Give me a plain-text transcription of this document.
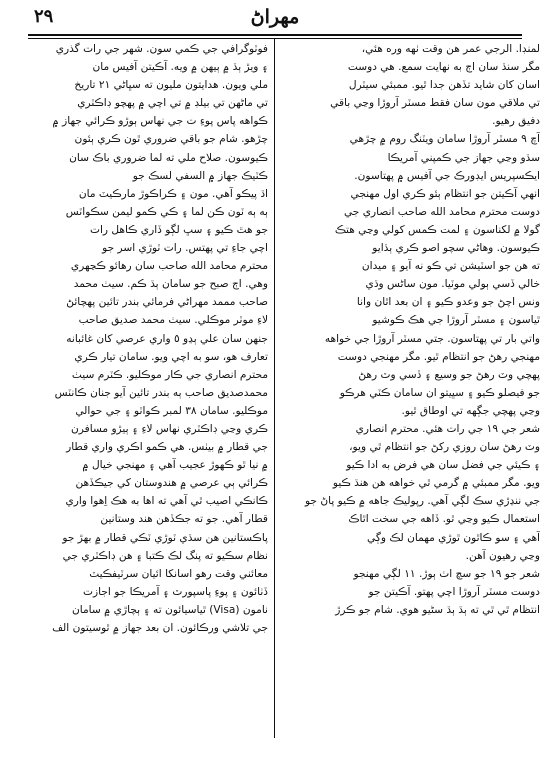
٢٩	مهراڻ
لمنڊا. الرجي عمر هن وقت ٺهه وره هئي،
مگر سنڌ سان اڄ به نهايت سمع. هي دوست
اسان کان شايد تڏهن جدا ٿيو. ممبئي سيٽرل
تي ملاقي مون سان فقط مسٽر آروڙا وڃي باقي
دفيق رهيو.
آچ ٩ مسٽر آروڙا سامان ويٽنگ روم ۾ چڙهي
سڌو وڃي جهاز جي ڪمپني آمريڪا
ايڪسپريس ايڊورڪ جي آفيس ۾ پهتاسون.
انهي آڪيتن جو انتظام ٻئو ڪري اول مهنجي
دوست محترم محامد الله صاحب انصاري جي
گولا ۾ لکناسون ۽ لمت ڪمس کولي وڃي هتڪ
ڪيوسون. وهاڻي سچو اصو ڪري ٻڌايو
ته هن جو اسٽيشن تي ڪو نه آيو ۽ ميدان
خالي ڏسي ٻولي موٽيا. مون ساڻس وڌي
ونس اچڻ جو وعدو ڪيو ۽ ان بعد اٿان وانا
ٿياسون ۽ مسٽر آروڙا جي هڪ ڪوشيو
واتي بار تي پهتاسون. جتي مسٽر آروڙا جي خواهه
مهنجي رهڻ جو انتظام ٿيو. مگر مهنجي دوست
پهچي وٽ رهڻ جو وسيع ۽ ڏسي وٽ رهڻ
جو فيصلو ڪيو ۽ سڀيتو ان سامان ڪٽي هرڪو
وڃي پهچي جڳهه تي اوطاق ٿيو.
شعر جي ١٩ جي رات هئي. محترم انصاري
وٽ رهڻ سان روزي رکڻ جو انتظام ٿي ويو،
۽ ڪيئي جي فضل سان هي فرض به ادا ڪيو
ويو. مگر ممبئي ۾ گرمي ٿي خواهه هن هنڌ ڪيو
جي ننڍڙي سڪ لڳي آهي. رپوليڪ جاهه ۾ ڪيو پاڻ جو
استعمال ڪيو وڃي ٿو. ڏاهه جي سخت اٿاڪ
آهي ۽ سو ڪاٿون ٿوڙي مهمان لڪ وڳي
وڃي رهيون آهن.
شعر جو ١٩ جو سچ اٺ ٻوڙ. ١١ لڳي مهنجو
دوست مسٽر آروڙا اچي پهتو. آڪيتن جو
انتظام ٿي ٿي ته ٻڌ ٻڌ سڻيو هوي. شام جو ڪرڙ
فوٽوگرافي جي ڪمي سون. شهر جي رات گذري
۽ ويڙ ٻڌ ۾ ٻيهن ۾ ويه. آڪيتن آفيس مان
ملي ويون. هدايتون مليون ته سڀاڻي ٢١ تاريخ
تي ماڻهن تي بيلڊ ۾ تي اچي ۾ پهچو ڊاڪٽري
ڪواهه پاس پوءِ ت جي نهاس ٻوڙو ڪرائي جهاز ۾
چڙهو. شام جو باقي ضروري ٿون ڪري ٻئون
ڪيوسون. صلاح ملي ته لما ضروري باڪ سان
ڪٽيڪ جهاز ۾ السفي لسڪ جو
اڌ پيڪو آهي. مون ۽ ڪراڪوڙ مارڪيٽ مان
ٻه ٻه ٽون ڪن لما ۽ ڪي ڪمو ليمن سڪواٽس
جو هٿ ڪيو ۽ سڀ لڳو ڏاري ڪاهل رات
اچي جاءِ تي پهتس. رات ٽوڙي اسر جو
محترم محامد الله صاحب سان رهائو ڪڃهري
وهي. اڄ صبح جو سامان ٻڌ ڪم. سيٺ محمد
صاحب مممد مهراڻي فرمائي بندر تائين پهچائڻ
لاءِ موٽر موڪلي. سيٺ محمد صديق صاحب
جنهن سان علي ٻڍو ٥ واري عرصي کان غائبانه
تعارف هو، سو به اچي ويو. سامان تيار ڪري
محترم انصاري جي ڪار موڪليو. ڪٽرم سيٺ
محمدصديق صاحب ٻه بندر تائين آيو جنان ڪانٽس
موڪليو. سامان ٣٨ لمبر ڪواٽو ۽ جي حوالي
ڪري وڃي ڊاڪٽري نهاس لاءِ ۽ ٻيڙو مسافرن
جي قطار ۾ بيٺس. هي ڪمو اڪري واري قطار
۾ نيا ٿو ڪهوڙ عجيب آهي ۽ مهنجي خيال ۾
ڪرائي ٻي عرصي ۾ هندوستان کي جيڪڏهن
ڪانڪي اصيب ٿي آهي ته اها به هڪ اِهوا واري
قطار آهي. جو ته جڪڏهن هند وستانين
پاڪستانين هن سڌي ٽوڙي ٽڪي قطار ۾ بهڙ جو
نظام سڪيو ته پنگ لڪ ڪتبا ۽ هن ڊاڪٽري جي
معائني وقت رهو اسانکا ائيان سرٽيفڪيٽ
ڏٺائون ۽ پوءِ پاسپورٽ ۽ آمريڪا جو اجازت
نامون (Visa) ٿياسيائون ته ۽ ٻچاڙي ۾ سامان
جي تلاشي ورڪائون. ان بعد جهاز ۾ ٿوسيتون الف
